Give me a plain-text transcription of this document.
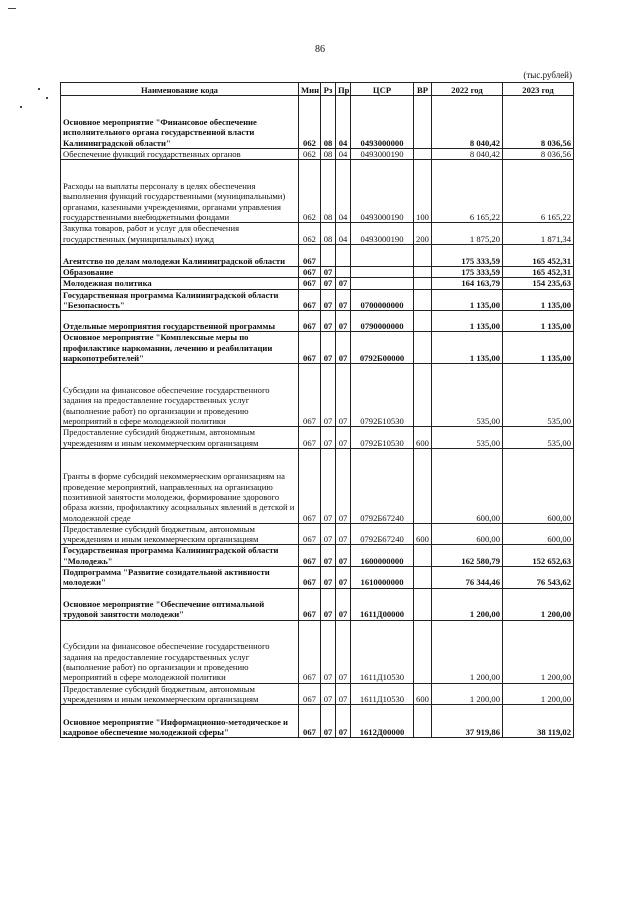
86
(тыс.рублей)
Наименование кода	Мин	Рз	Пр	ЦСР	ВР	2022 год	2023 год
Основное мероприятие "Финансовое обеспечение исполнительного органа государственной власти Калининградской области"	062	08	04	0493000000		8 040,42	8 036,56
Обеспечение функций государственных органов	062	08	04	0493000190		8 040,42	8 036,56
Расходы на выплаты персоналу в целях обеспечения выполнения функций государственными (муниципальными) органами, казенными учреждениями, органами управления государственными внебюджетными фондами	062	08	04	0493000190	100	6 165,22	6 165,22
Закупка товаров, работ и услуг для обеспечения государственных (муниципальных) нужд	062	08	04	0493000190	200	1 875,20	1 871,34
Агентство по делам молодежи Калининградской области	067					175 333,59	165 452,31
Образование	067	07				175 333,59	165 452,31
Молодежная политика	067	07	07			164 163,79	154 235,63
Государственная программа Калининградской области "Безопасность"	067	07	07	0700000000		1 135,00	1 135,00
Отдельные мероприятия государственной программы	067	07	07	0790000000		1 135,00	1 135,00
Основное мероприятие "Комплексные меры по профилактике наркомании, лечению и реабилитации наркопотребителей"	067	07	07	0792Б00000		1 135,00	1 135,00
Субсидии на финансовое обеспечение государственного задания на предоставление государственных услуг (выполнение работ) по организации и проведению мероприятий в сфере молодежной политики	067	07	07	0792Б10530		535,00	535,00
Предоставление субсидий бюджетным, автономным учреждениям и иным некоммерческим организациям	067	07	07	0792Б10530	600	535,00	535,00
Гранты в форме субсидий некоммерческим организациям на проведение мероприятий, направленных на организацию позитивной занятости молодежи, формирование здорового образа жизни, профилактику асоциальных явлений в детской и молодежной среде	067	07	07	0792Б67240		600,00	600,00
Предоставление субсидий бюджетным, автономным учреждениям и иным некоммерческим организациям	067	07	07	0792Б67240	600	600,00	600,00
Государственная программа Калининградской области "Молодежь"	067	07	07	1600000000		162 580,79	152 652,63
Подпрограмма "Развитие созидательной активности молодежи"	067	07	07	1610000000		76 344,46	76 543,62
Основное мероприятие "Обеспечение оптимальной трудовой занятости молодежи"	067	07	07	1611Д00000		1 200,00	1 200,00
Субсидии на финансовое обеспечение государственного задания на предоставление государственных услуг (выполнение работ) по организации и проведению мероприятий в сфере молодежной политики	067	07	07	1611Д10530		1 200,00	1 200,00
Предоставление субсидий бюджетным, автономным учреждениям и иным некоммерческим организациям	067	07	07	1611Д10530	600	1 200,00	1 200,00
Основное мероприятие "Информационно-методическое и кадровое обеспечение молодежной сферы"	067	07	07	1612Д00000		37 919,86	38 119,02
